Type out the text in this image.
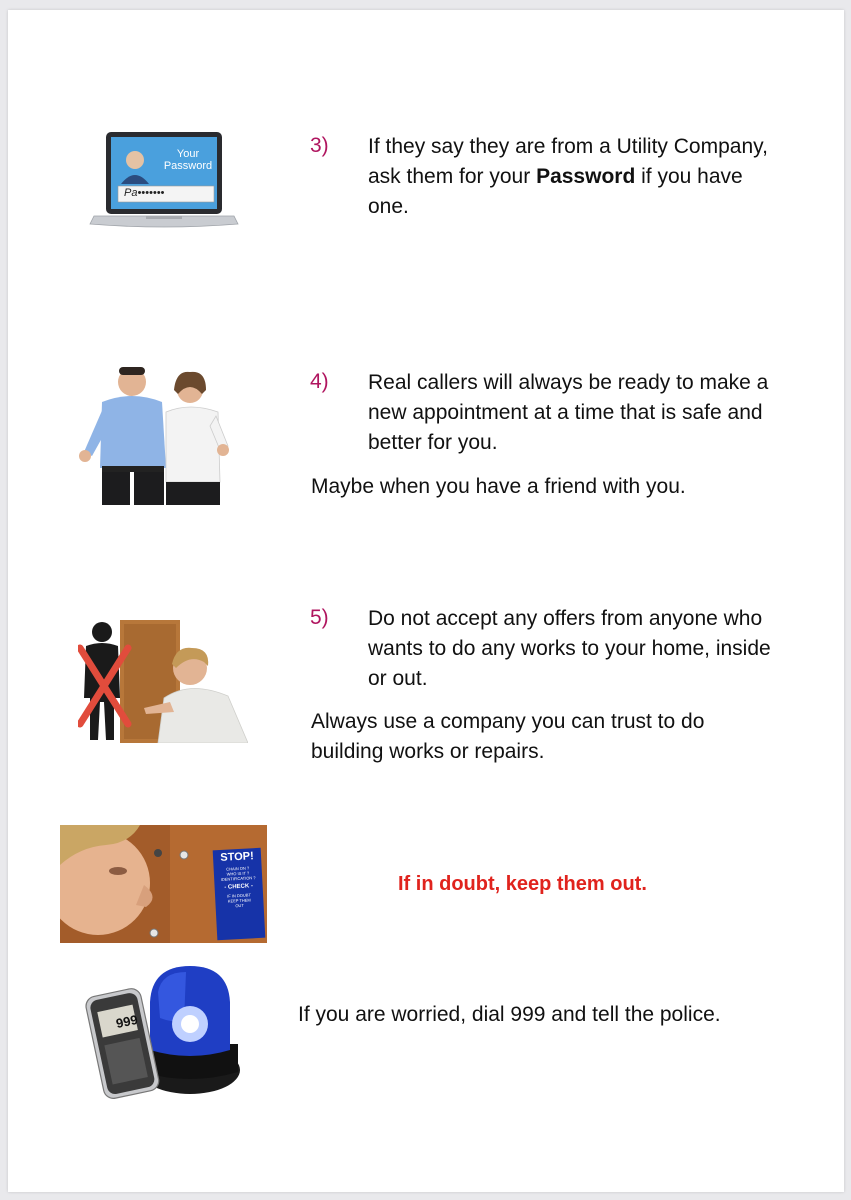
Your
Password
Pa•••••••
3) If they say they are from a Utility Company, ask them for your Password if you have one.
4) Real callers will always be ready to make a new appointment at a time that is safe and better for you.
Maybe when you have a friend with you.
5) Do not accept any offers from anyone who wants to do any works to your home, inside or out.
Always use a company you can trust to do building works or repairs.
STOP!
CHAIN ON ?
WHO IS IT ?
IDENTIFICATION ?
- CHECK -
IF IN DOUBT
KEEP THEM
OUT
If in doubt, keep them out.
999	If you are worried, dial 999 and tell the police.
